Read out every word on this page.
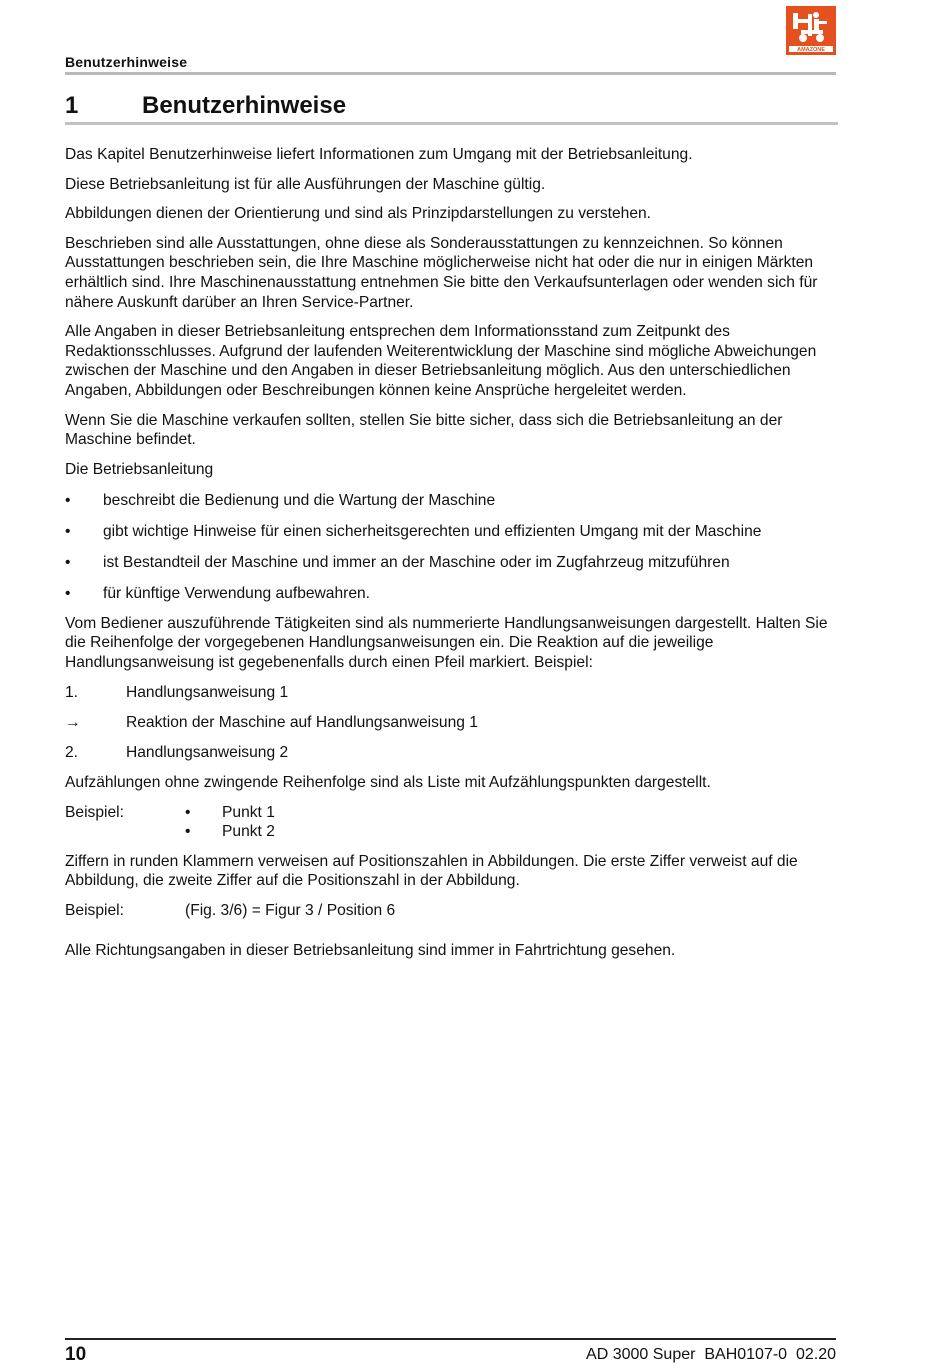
Benutzerhinweise
AMAZONE
1	Benutzerhinweise

Das Kapitel Benutzerhinweise liefert Informationen zum Umgang mit der Betriebsanleitung.

Diese Betriebsanleitung ist für alle Ausführungen der Maschine gültig.

Abbildungen dienen der Orientierung und sind als Prinzipdarstellungen zu verstehen.

Beschrieben sind alle Ausstattungen, ohne diese als Sonderausstattungen zu kennzeichnen. So können Ausstattungen beschrieben sein, die Ihre Maschine möglicherweise nicht hat oder die nur in einigen Märkten erhältlich sind. Ihre Maschinenausstattung entnehmen Sie bitte den Verkaufsunterlagen oder wenden sich für nähere Auskunft darüber an Ihren Service-Partner.

Alle Angaben in dieser Betriebsanleitung entsprechen dem Informationsstand zum Zeitpunkt des Redaktionsschlusses. Aufgrund der laufenden Weiterentwicklung der Maschine sind mögliche Abweichungen zwischen der Maschine und den Angaben in dieser Betriebsanleitung möglich. Aus den unterschiedlichen Angaben, Abbildungen oder Beschreibungen können keine Ansprüche hergeleitet werden.

Wenn Sie die Maschine verkaufen sollten, stellen Sie bitte sicher, dass sich die Betriebsanleitung an der Maschine befindet.

Die Betriebsanleitung

• beschreibt die Bedienung und die Wartung der Maschine
• gibt wichtige Hinweise für einen sicherheitsgerechten und effizienten Umgang mit der Maschine
• ist Bestandteil der Maschine und immer an der Maschine oder im Zugfahrzeug mitzuführen
• für künftige Verwendung aufbewahren.

Vom Bediener auszuführende Tätigkeiten sind als nummerierte Handlungsanweisungen dargestellt. Halten Sie die Reihenfolge der vorgegebenen Handlungsanweisungen ein. Die Reaktion auf die jeweilige Handlungsanweisung ist gegebenenfalls durch einen Pfeil markiert. Beispiel:

1.	Handlungsanweisung 1
→	Reaktion der Maschine auf Handlungsanweisung 1
2.	Handlungsanweisung 2

Aufzählungen ohne zwingende Reihenfolge sind als Liste mit Aufzählungspunkten dargestellt.

Beispiel:	•	Punkt 1
•	Punkt 2

Ziffern in runden Klammern verweisen auf Positionszahlen in Abbildungen. Die erste Ziffer verweist auf die Abbildung, die zweite Ziffer auf die Positionszahl in der Abbildung.

Beispiel:	(Fig. 3/6) = Figur 3 / Position 6

Alle Richtungsangaben in dieser Betriebsanleitung sind immer in Fahrtrichtung gesehen.

10	AD 3000 Super  BAH0107-0  02.20
